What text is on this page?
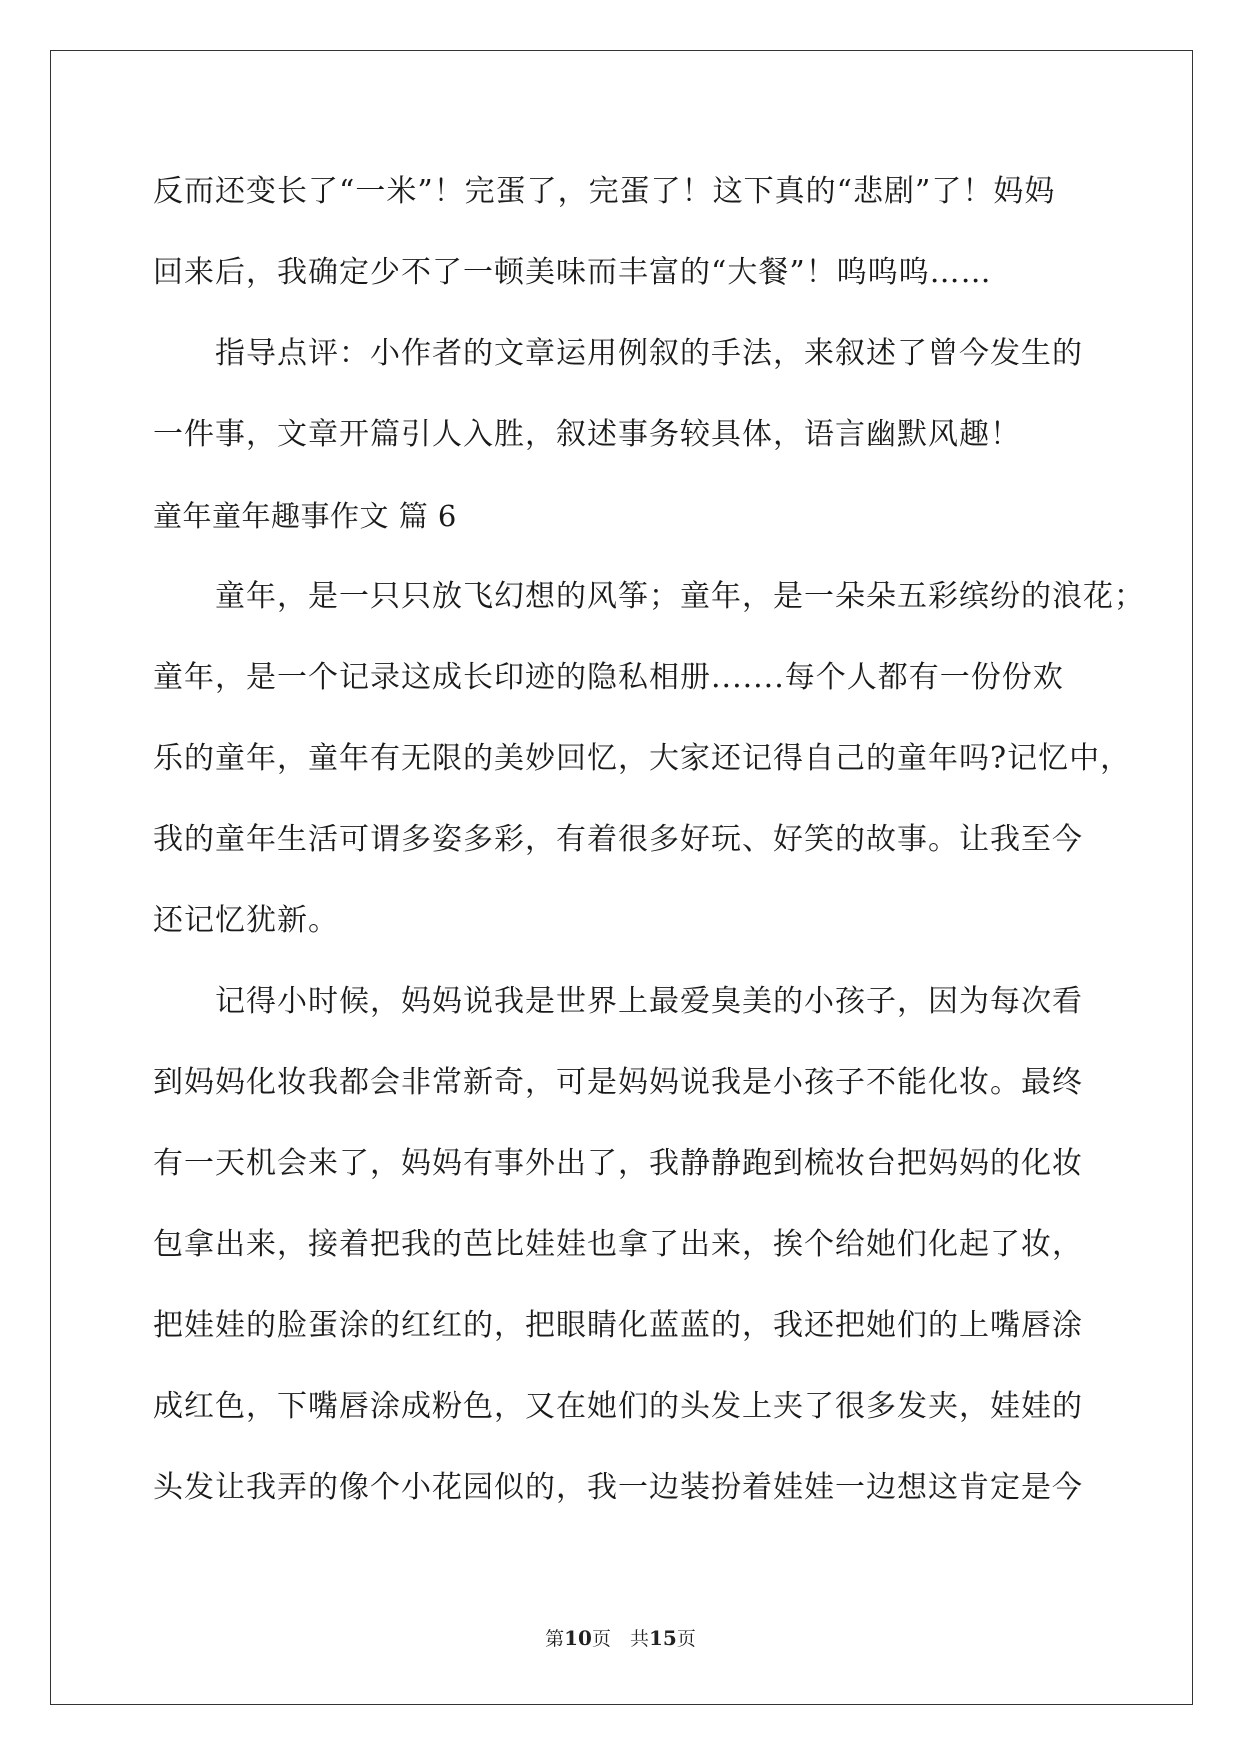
反而还变长了“一米”！完蛋了，完蛋了！这下真的“悲剧”了！妈妈
回来后，我确定少不了一顿美味而丰富的“大餐”！呜呜呜……
指导点评：小作者的文章运用例叙的手法，来叙述了曾今发生的
一件事，文章开篇引人入胜，叙述事务较具体，语言幽默风趣！
童年童年趣事作文 篇 6
童年，是一只只放飞幻想的风筝；童年，是一朵朵五彩缤纷的浪花；
童年，是一个记录这成长印迹的隐私相册.......每个人都有一份份欢
乐的童年，童年有无限的美妙回忆，大家还记得自己的童年吗?记忆中，
我的童年生活可谓多姿多彩，有着很多好玩、好笑的故事。让我至今
还记忆犹新。
记得小时候，妈妈说我是世界上最爱臭美的小孩子，因为每次看
到妈妈化妆我都会非常新奇，可是妈妈说我是小孩子不能化妆。最终
有一天机会来了，妈妈有事外出了，我静静跑到梳妆台把妈妈的化妆
包拿出来，接着把我的芭比娃娃也拿了出来，挨个给她们化起了妆，
把娃娃的脸蛋涂的红红的，把眼睛化蓝蓝的，我还把她们的上嘴唇涂
成红色，下嘴唇涂成粉色，又在她们的头发上夹了很多发夹，娃娃的
头发让我弄的像个小花园似的，我一边装扮着娃娃一边想这肯定是今
第10页　共15页
